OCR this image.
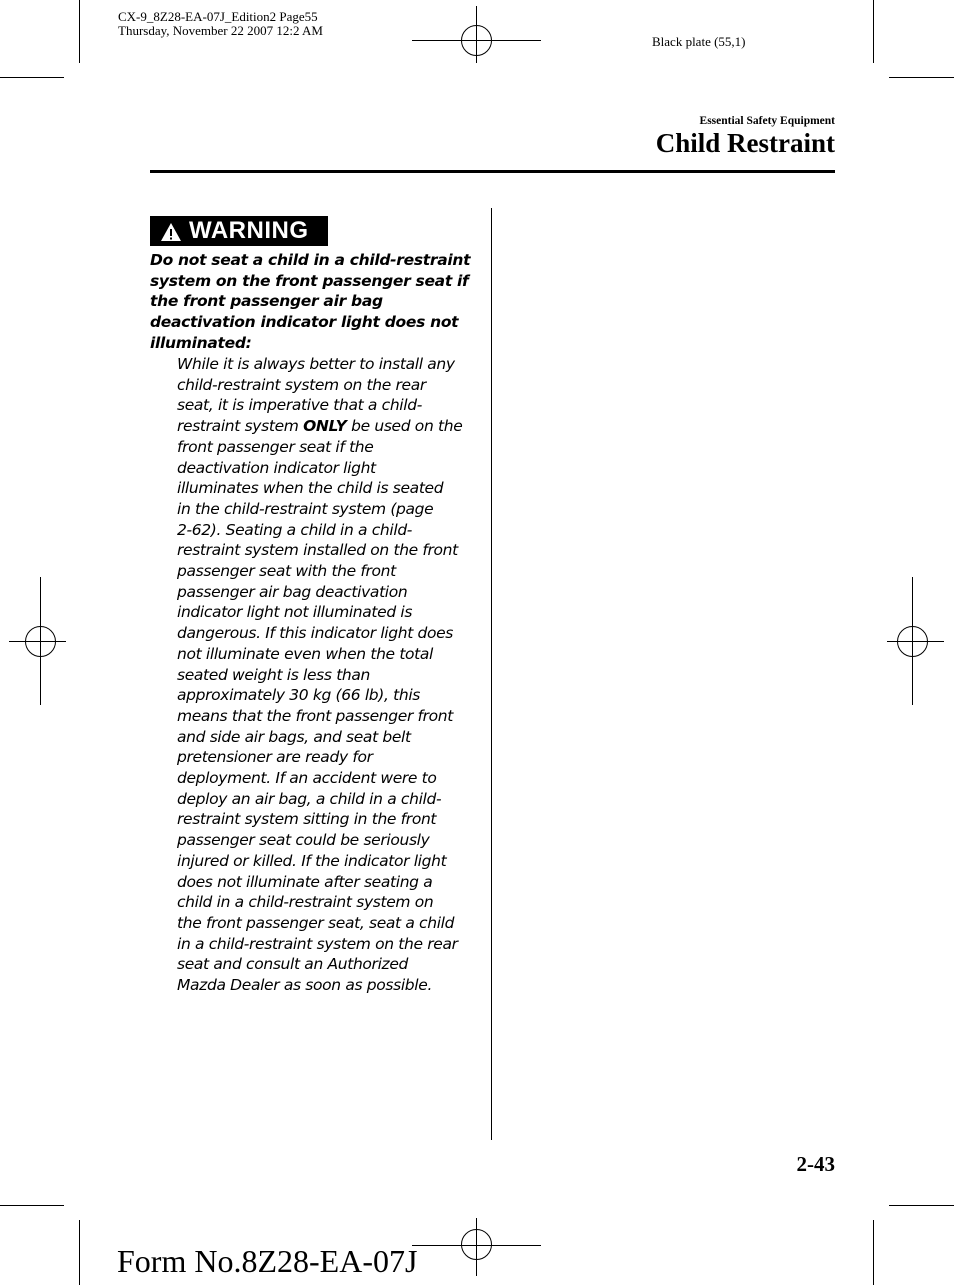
CX-9_8Z28-EA-07J_Edition2 Page55
Thursday, November 22 2007 12:2 AM
Black plate (55,1)
Essential Safety Equipment
Child Restraint
WARNING
Do not seat a child in a child-restraint
system on the front passenger seat if
the front passenger air bag
deactivation indicator light does not
illuminated:
While it is always better to install any
child-restraint system on the rear
seat, it is imperative that a child-
restraint system ONLY be used on the
front passenger seat if the
deactivation indicator light
illuminates when the child is seated
in the child-restraint system (page
2-62). Seating a child in a child-
restraint system installed on the front
passenger seat with the front
passenger air bag deactivation
indicator light not illuminated is
dangerous. If this indicator light does
not illuminate even when the total
seated weight is less than
approximately 30 kg (66 lb), this
means that the front passenger front
and side air bags, and seat belt
pretensioner are ready for
deployment. If an accident were to
deploy an air bag, a child in a child-
restraint system sitting in the front
passenger seat could be seriously
injured or killed. If the indicator light
does not illuminate after seating a
child in a child-restraint system on
the front passenger seat, seat a child
in a child-restraint system on the rear
seat and consult an Authorized
Mazda Dealer as soon as possible.
2-43
Form No.8Z28-EA-07J
